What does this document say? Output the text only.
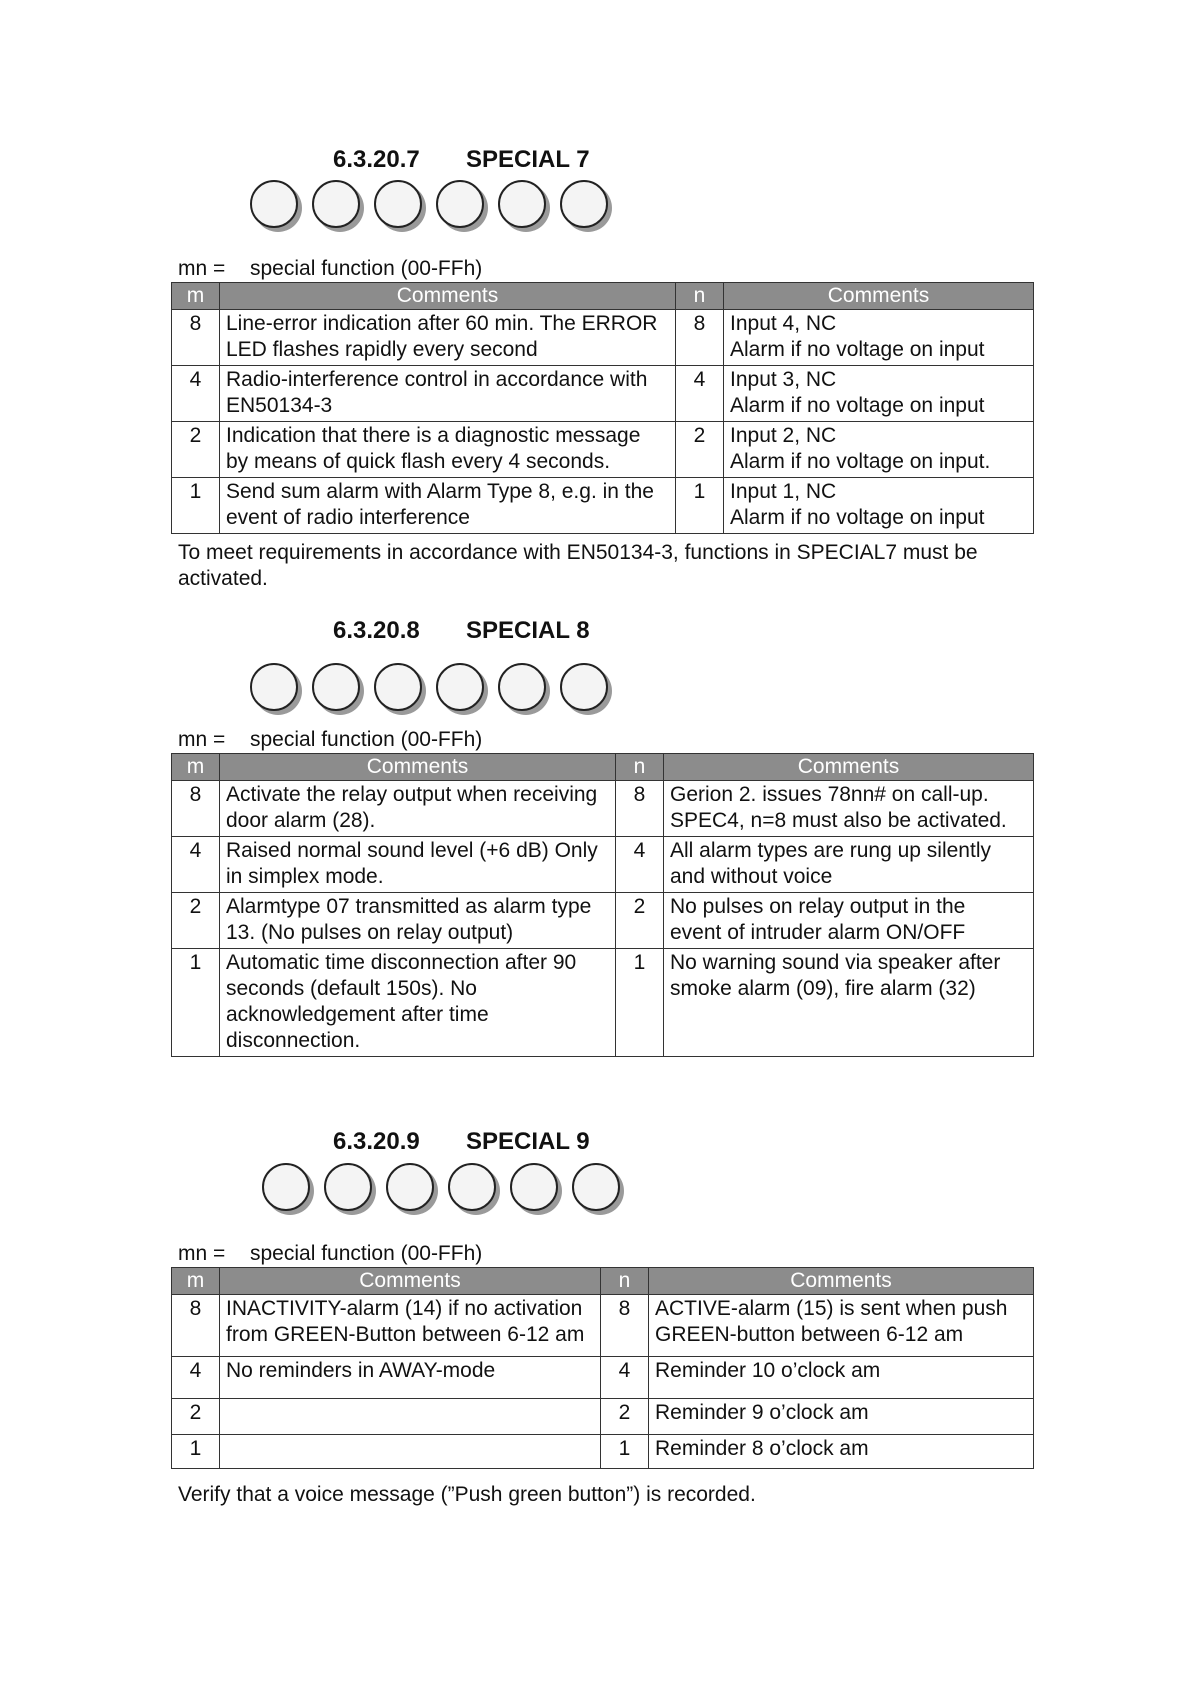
6.3.20.7 SPECIAL 7
mn = special function (00-FFh)
m	Comments	n	Comments
8	Line-error indication after 60 min. The ERROR
LED flashes rapidly every second	8	Input 4, NC
Alarm if no voltage on input
4	Radio-interference control in accordance with
EN50134-3	4	Input 3, NC
Alarm if no voltage on input
2	Indication that there is a diagnostic message
by means of quick flash every 4 seconds.	2	Input 2, NC
Alarm if no voltage on input.
1	Send sum alarm with Alarm Type 8, e.g. in the
event of radio interference	1	Input 1, NC
Alarm if no voltage on input
To meet requirements in accordance with EN50134-3, functions in SPECIAL7 must be activated.
6.3.20.8 SPECIAL 8
mn = special function (00-FFh)
m	Comments	n	Comments
8	Activate the relay output when receiving
door alarm (28).	8	Gerion 2. issues 78nn# on call-up.
SPEC4, n=8 must also be activated.
4	Raised normal sound level (+6 dB) Only
in simplex mode.	4	All alarm types are rung up silently
and without voice
2	Alarmtype 07 transmitted as alarm type
13. (No pulses on relay output)	2	No pulses on relay output in the
event of intruder alarm ON/OFF
1	Automatic time disconnection after 90
seconds (default 150s). No
acknowledgement after time
disconnection.	1	No warning sound via speaker after
smoke alarm (09), fire alarm (32)
6.3.20.9 SPECIAL 9
mn = special function (00-FFh)
m	Comments	n	Comments
8	INACTIVITY-alarm (14) if no activation
from GREEN-Button between 6-12 am	8	ACTIVE-alarm (15) is sent when push
GREEN-button between 6-12 am
4	No reminders in AWAY-mode	4	Reminder 10 o’clock am
2		2	Reminder 9 o’clock am
1		1	Reminder 8 o’clock am
Verify that a voice message (”Push green button”) is recorded.
